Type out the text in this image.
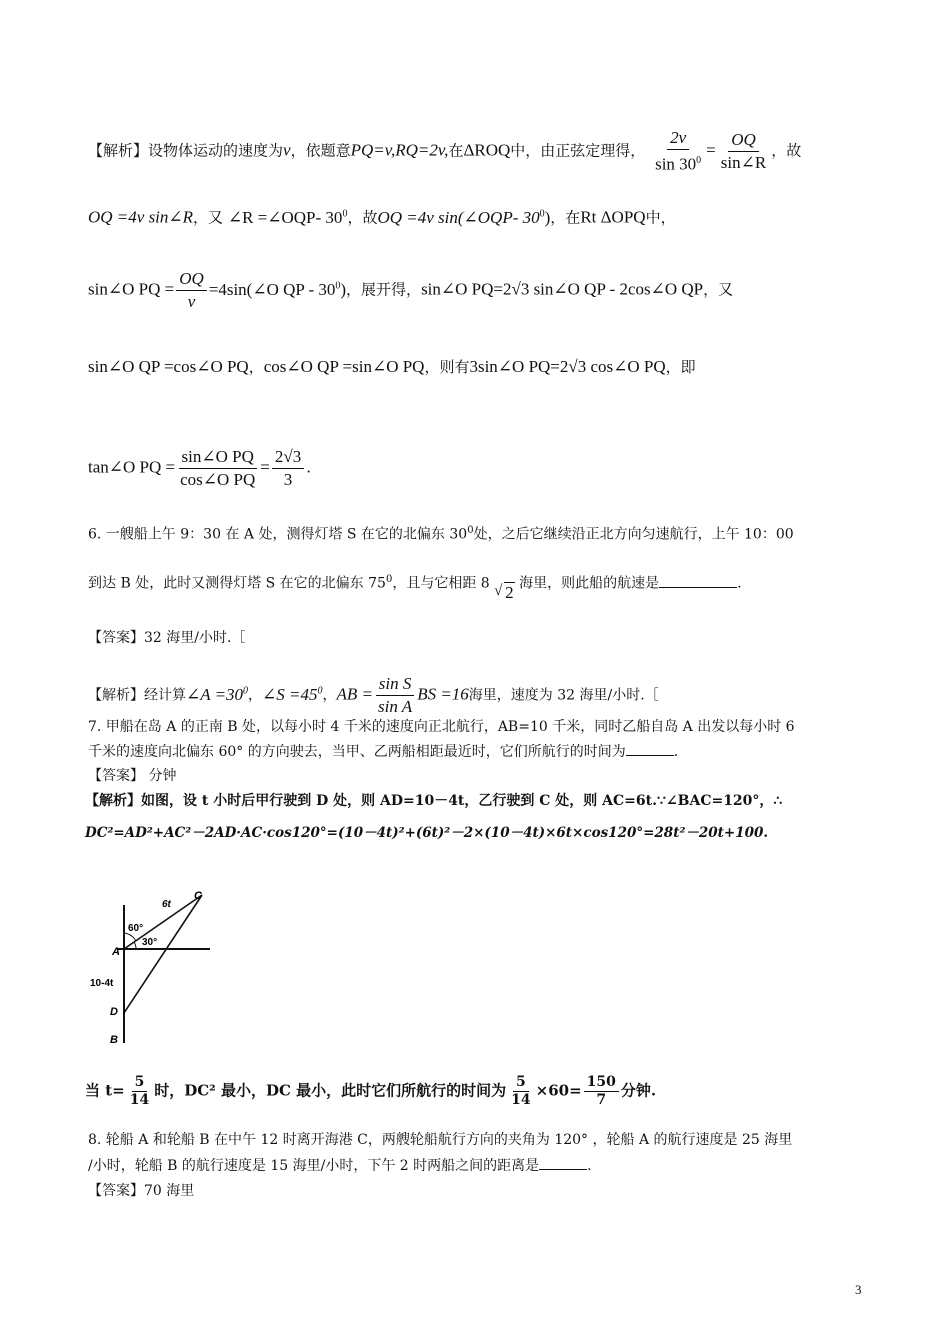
【解析】设物体运动的速度为v，依题意PQ=v,RQ=2v,在ΔROQ中，由正弦定理得， $\frac{2v}{\sin 30^0} = \frac{OQ}{\sin\angle R}$ ，故
OQ =4v sin∠R，又 ∠R =∠OQP- $30^0$，故OQ =4v sin(∠OQP- $30^0$)，在Rt ΔOPQ中，
sin∠O PQ = $\frac{OQ}{v}$ =4sin(∠O QP - $30^0$)，展开得，sin∠O PQ=2√3 sin∠O QP - 2cos∠O QP，又
sin∠O QP =cos∠O PQ，cos∠O QP =sin∠O PQ，则有3sin∠O PQ=2√3 cos∠O PQ，即
tan∠O PQ = $\frac{\text{sin∠O PQ}}{\text{cos∠O PQ}} = \frac{2√3}{3}$ .
6. 一艘船上午 9：30 在 A 处，测得灯塔 S 在它的北偏东 $30^0$处，之后它继续沿正北方向匀速航行，上午 10：00
到达 B 处，此时又测得灯塔 S 在它的北偏东 $75^0$，且与它相距 8 √ 2 海里，则此船的航速是	.
【答案】32 海里/小时.［
【解析】经计算∠A $=30^0$，∠S $=45^0$，AB = $\frac{\text{sin S}}{\text{sin A}}$ BS =16海里，速度为 32 海里/小时.［
7. 甲船在岛 A 的正南 B 处，以每小时 4 千米的速度向正北航行，AB=10 千米，同时乙船自岛 A 出发以每小时 6
千米的速度向北偏东 60° 的方向驶去，当甲、乙两船相距最近时，它们所航行的时间为	.
【答案】 分钟
【解析】如图，设 t 小时后甲行驶到 D 处，则 AD=10－4t，乙行驶到 C 处，则 AC=6t.∵∠BAC=120°，∴
DC²=AD²+AC²－2AD·AC·cos120°=(10－4t)²+(6t)²－2×(10－4t)×6t×cos120°=28t²－20t+100.
C
6t
60°
30°
A
10-4t
D
B
当 $t= \frac{5}{14}$ 时，DC² 最小，DC 最小，此时它们所航行的时间为 $\frac{5}{14} \times 60= \frac{150}{7}$ 分钟.
8. 轮船 A 和轮船 B 在中午 12 时离开海港 C，两艘轮船航行方向的夹角为 120° ，轮船 A 的航行速度是 25 海里
/小时，轮船 B 的航行速度是 15 海里/小时，下午 2 时两船之间的距离是	.
【答案】70 海里
3
